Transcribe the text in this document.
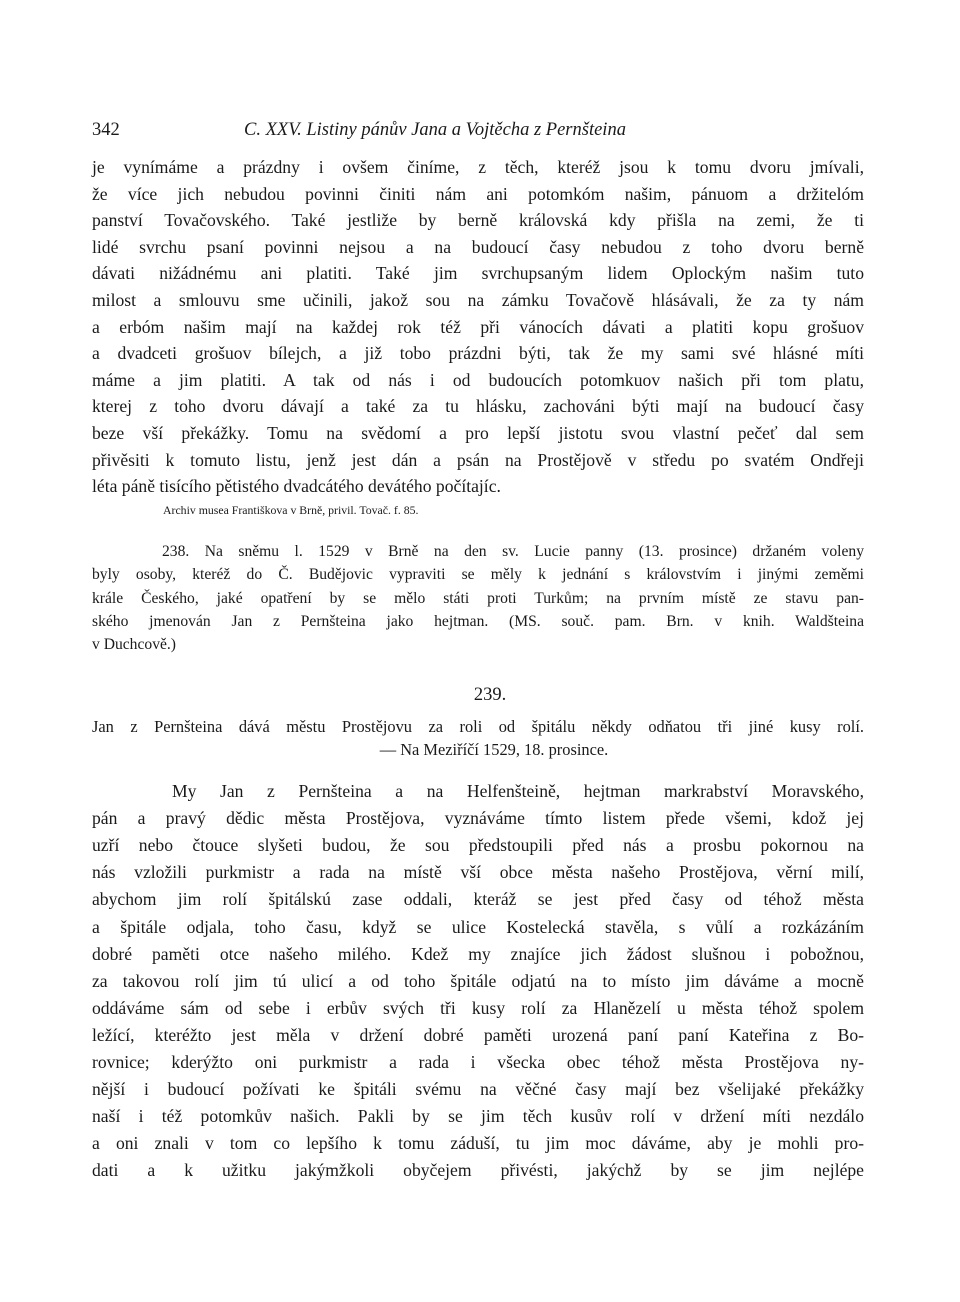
342	C. XXV. Listiny pánův Jana a Vojtěcha z Pernšteina
je vynímáme a prázdny i ovšem činíme, z těch, kteréž jsou k tomu dvoru jmívali,
že více jich nebudou povinni činiti nám ani potomkóm našim, pánuom a držitelóm
panství Tovačovského. Také jestliže by berně královská kdy přišla na zemi, že ti
lidé svrchu psaní povinni nejsou a na budoucí časy nebudou z toho dvoru berně
dávati nižádnému ani platiti. Také jim svrchupsaným lidem Oplockým našim tuto
milost a smlouvu sme učinili, jakož sou na zámku Tovačově hlásávali, že za ty nám
a erbóm našim mají na každej rok též při vánocích dávati a platiti kopu grošuov
a dvadceti grošuov bílejch, a již tobo prázdni býti, tak že my sami své hlásné míti
máme a jim platiti. A tak od nás i od budoucích potomkuov našich při tom platu,
kterej z toho dvoru dávají a také za tu hlásku, zachováni býti mají na budoucí časy
beze vší překážky. Tomu na svědomí a pro lepší jistotu svou vlastní pečeť dal sem
přivěsiti k tomuto listu, jenž jest dán a psán na Prostějově v středu po svatém Ondřeji
léta páně tisícího pětistého dvadcátého devátého počítajíc.
Archiv musea Františkova v Brně, privil. Tovač. f. 85.
238. Na sněmu l. 1529 v Brně na den sv. Lucie panny (13. prosince) držaném voleny
byly osoby, kteréž do Č. Budějovic vypraviti se měly k jednání s královstvím i jinými zeměmi
krále Českého, jaké opatření by se mělo státi proti Turkům; na prvním místě ze stavu pan-
ského jmenován Jan z Pernšteina jako hejtman. (MS. souč. pam. Brn. v knih. Waldšteina
v Duchcově.)
239.
Jan z Pernšteina dává městu Prostějovu za roli od špitálu někdy odňatou tři jiné kusy rolí.
— Na Meziříčí 1529, 18. prosince.
My Jan z Pernšteina a na Helfenšteině, hejtman markrabství Moravského,
pán a pravý dědic města Prostějova, vyznáváme tímto listem přede všemi, kdož jej
uzří nebo čtouce slyšeti budou, že sou předstoupili před nás a prosbu pokornou na
nás vzložili purkmistr a rada na místě vší obce města našeho Prostějova, věrní milí,
abychom jim rolí špitálskú zase oddali, kteráž se jest před časy od téhož města
a špitále odjala, toho času, když se ulice Kostelecká stavěla, s vůlí a rozkázáním
dobré paměti otce našeho milého. Kdež my znajíce jich žádost slušnou i pobožnou,
za takovou rolí jim tú ulicí a od toho špitále odjatú na to místo jim dáváme a mocně
oddáváme sám od sebe i erbův svých tři kusy rolí za Hlanězelí u města téhož spolem
ležící, kteréžto jest měla v držení dobré paměti urozená paní paní Kateřina z Bo-
rovnice; kderýžto oni purkmistr a rada i všecka obec téhož města Prostějova ny-
nější i budoucí požívati ke špitáli svému na věčné časy mají bez všelijaké překážky
naší i též potomkův našich. Pakli by se jim těch kusův rolí v držení míti nezdálo
a oni znali v tom co lepšího k tomu záduší, tu jim moc dáváme, aby je mohli pro-
dati a k užitku jakýmžkoli obyčejem přivésti, jakýchž by se jim nejlépe
